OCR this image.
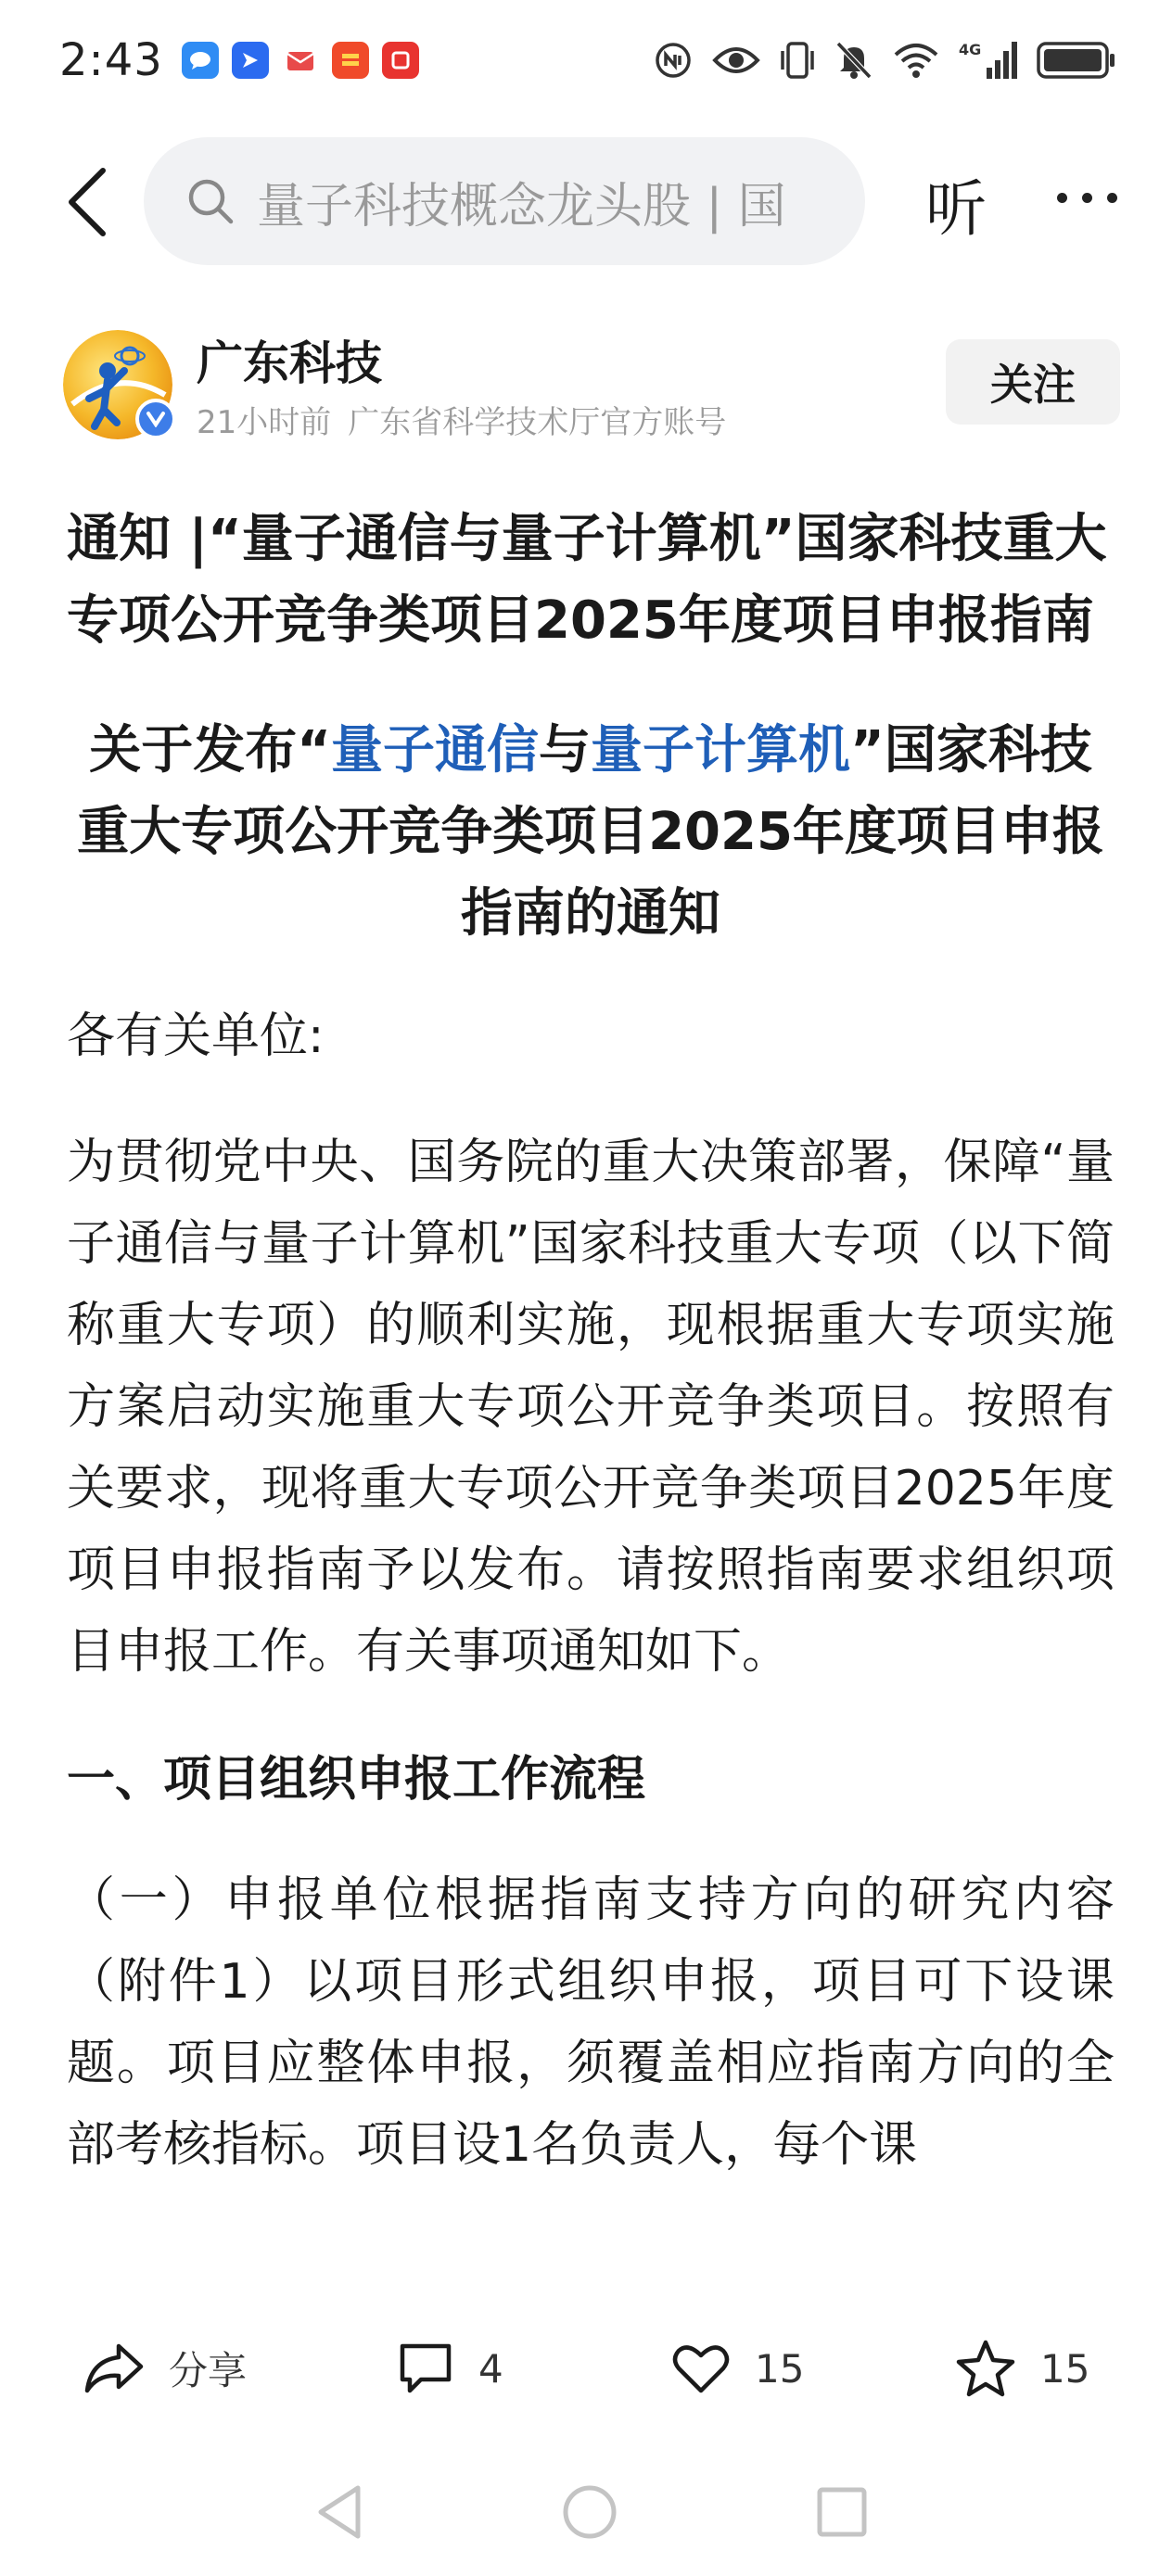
2:43	4G
量子科技概念龙头股 | 国 听
广东科技
21小时前 广东省科学技术厅官方账号
关注
通知 |“量子通信与量子计算机”国家科技重大专项公开竞争类项目2025年度项目申报指南

关于发布“量子通信与量子计算机”国家科技重大专项公开竞争类项目2025年度项目申报指南的通知

各有关单位:

为贯彻党中央、国务院的重大决策部署，保障“量子通信与量子计算机”国家科技重大专项（以下简称重大专项）的顺利实施，现根据重大专项实施方案启动实施重大专项公开竞争类项目。按照有关要求，现将重大专项公开竞争类项目2025年度项目申报指南予以发布。请按照指南要求组织项目申报工作。有关事项通知如下。

一、项目组织申报工作流程

（一）申报单位根据指南支持方向的研究内容（附件1）以项目形式组织申报，项目可下设课题。项目应整体申报，须覆盖相应指南方向的全部考核指标。项目设1名负责人，每个课

分享	4	15	15
